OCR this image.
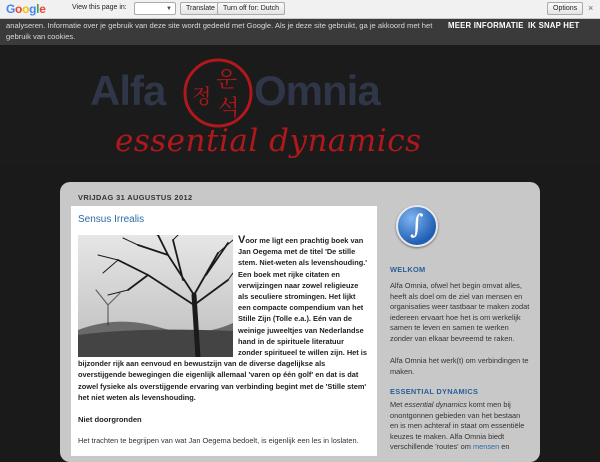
Google	View this page in:	▼	Translate	Turn off for: Dutch	Options	×
analyseren. Informatie over je gebruik van deze site wordt gedeeld met Google. Als je deze site gebruikt, ga je akkoord met het gebruik van cookies.
MEER INFORMATIE IK SNAP HET
Alfa Omnia
운
정 석
essential dynamics
VRIJDAG 31 AUGUSTUS 2012
Sensus Irrealis
Voor me ligt een prachtig boek van Jan Oegema met de titel 'De stille stem. Niet-weten als levenshouding.' Een boek met rijke citaten en verwijzingen naar zowel religieuze als seculiere stromingen. Het lijkt een compacte compendium van het Stille Zijn (Tolle e.a.). Eén van de weinige juweeltjes van Nederlandse hand in de spirituele literatuur zonder spiritueel te willen zijn. Het is bijzonder rijk aan eenvoud en bewustzijn van de diverse dagelijkse als overstijgende bewegingen die eigenlijk allemaal 'varen op één golf' en dat is dat zowel fysieke als overstijgende ervaring van verbinding begint met de 'Stille stem' het niet weten als levenshouding.
Niet doorgronden
Het trachten te begrijpen van wat Jan Oegema bedoelt, is eigenlijk een les in loslaten.
∫
WELKOM
Alfa Omnia, ofwel het begin omvat alles, heeft als doel om de ziel van mensen en organisaties weer tastbaar te maken zodat iedereen ervaart hoe het is om werkelijk samen te leven en samen te werken zonder van elkaar bevreemd te raken.
Alfa Omnia het werk(t) om verbindingen te maken.
ESSENTIAL DYNAMICS
Met essential dynamics komt men bij onontgonnen gebieden van het bestaan en is men achteraf in staat om essentiële keuzes te maken. Alfa Omnia biedt verschillende 'routes' om mensen en
